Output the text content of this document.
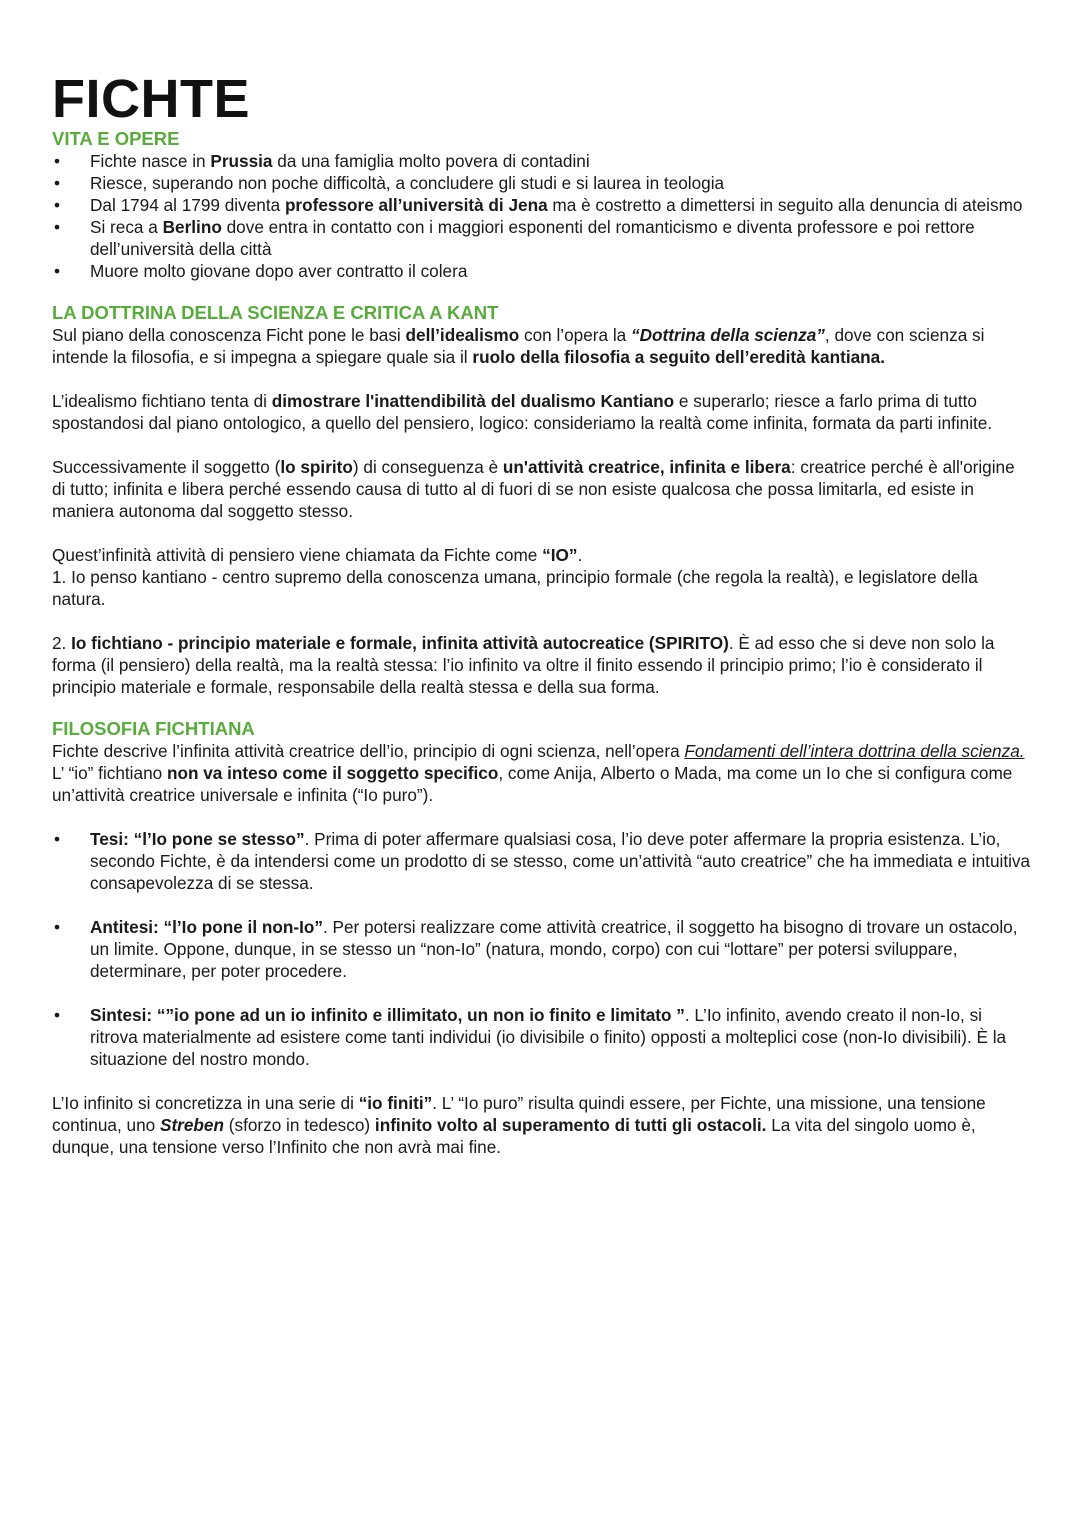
FICHTE
VITA E OPERE
• Fichte nasce in Prussia da una famiglia molto povera di contadini
• Riesce, superando non poche difficoltà, a concludere gli studi e si laurea in teologia
• Dal 1794 al 1799 diventa professore all’università di Jena ma è costretto a dimettersi in seguito alla denuncia di ateismo
• Si reca a Berlino dove entra in contatto con i maggiori esponenti del romanticismo e diventa professore e poi rettore dell’università della città
• Muore molto giovane dopo aver contratto il colera
LA DOTTRINA DELLA SCIENZA E CRITICA A KANT

Sul piano della conoscenza Ficht pone le basi dell’idealismo con l’opera la “Dottrina della scienza”, dove con scienza si intende la filosofia, e si impegna a spiegare quale sia il ruolo della filosofia a seguito dell’eredità kantiana.

L’idealismo fichtiano tenta di dimostrare l'inattendibilità del dualismo Kantiano e superarlo; riesce a farlo prima di tutto spostandosi dal piano ontologico, a quello del pensiero, logico: consideriamo la realtà come infinita, formata da parti infinite.

Successivamente il soggetto (lo spirito) di conseguenza è un'attività creatrice, infinita e libera: creatrice perché è all'origine di tutto; infinita e libera perché essendo causa di tutto al di fuori di se non esiste qualcosa che possa limitarla, ed esiste in maniera autonoma dal soggetto stesso.

Quest’infinità attività di pensiero viene chiamata da Fichte come “IO”.

1. Io penso kantiano - centro supremo della conoscenza umana, principio formale (che regola la realtà), e legislatore della natura.

2. Io fichtiano - principio materiale e formale, infinita attività autocreatice (SPIRITO). È ad esso che si deve non solo la forma (il pensiero) della realtà, ma la realtà stessa: l’io infinito va oltre il finito essendo il principio primo; l’io è considerato il principio materiale e formale, responsabile della realtà stessa e della sua forma.

FILOSOFIA FICHTIANA

Fichte descrive l’infinita attività creatrice dell’io, principio di ogni scienza, nell’opera Fondamenti dell’intera dottrina della scienza.

L’ “io” fichtiano non va inteso come il soggetto specifico, come Anija, Alberto o Mada, ma come un Io che si configura come un’attività creatrice universale e infinita (“Io puro”).

• Tesi: “l’Io pone se stesso”. Prima di poter affermare qualsiasi cosa, l’io deve poter affermare la propria esistenza. L’io, secondo Fichte, è da intendersi come un prodotto di se stesso, come un’attività “auto creatrice” che ha immediata e intuitiva consapevolezza di se stessa.
• Antitesi: “l’Io pone il non-Io”. Per potersi realizzare come attività creatrice, il soggetto ha bisogno di trovare un ostacolo, un limite. Oppone, dunque, in se stesso un “non-Io” (natura, mondo, corpo) con cui “lottare” per potersi sviluppare, determinare, per poter procedere.
• Sintesi: “”io pone ad un io infinito e illimitato, un non io finito e limitato ”. L’Io infinito, avendo creato il non-Io, si ritrova materialmente ad esistere come tanti individui (io divisibile o finito) opposti a molteplici cose (non-Io divisibili). È la situazione del nostro mondo.

L’Io infinito si concretizza in una serie di “io finiti”. L’ “Io puro” risulta quindi essere, per Fichte, una missione, una tensione continua, uno Streben (sforzo in tedesco) infinito volto al superamento di tutti gli ostacoli. La vita del singolo uomo è, dunque, una tensione verso l’Infinito che non avrà mai fine.
